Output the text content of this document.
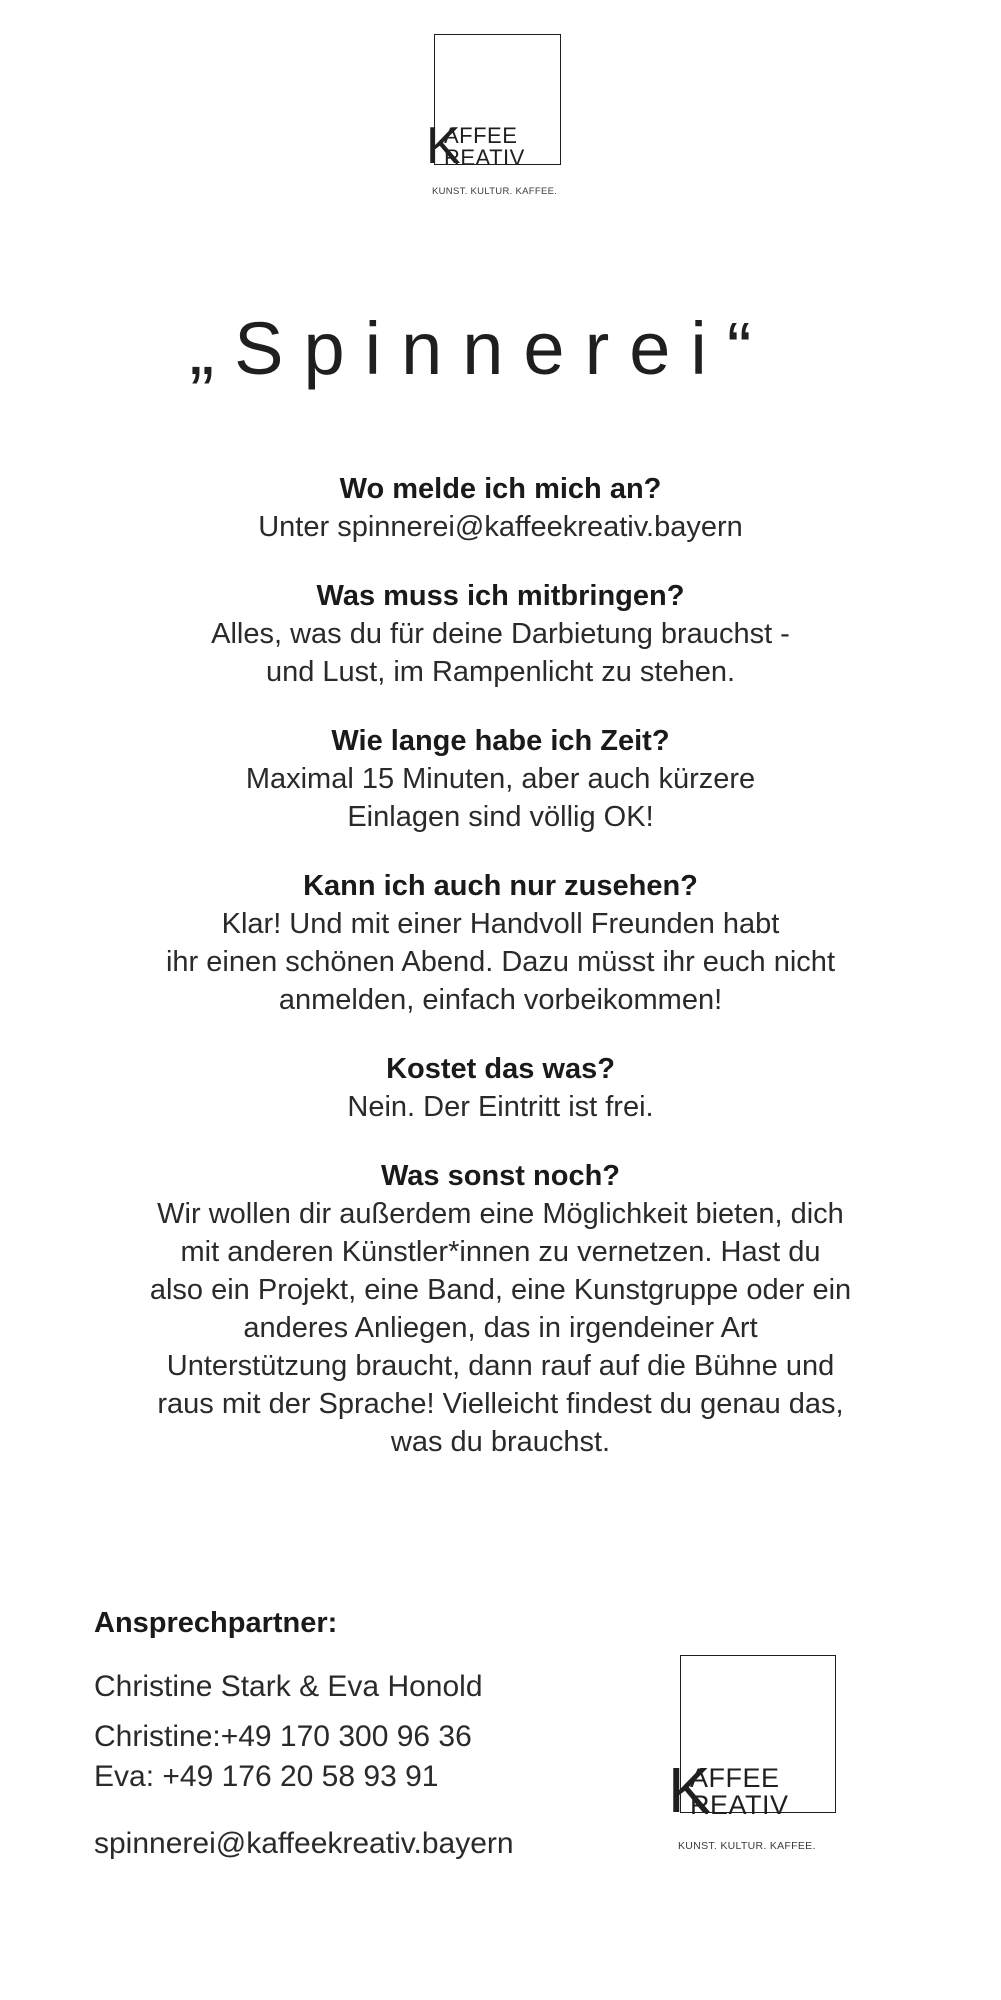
K
AFFEE
REATIV
KUNST. KULTUR. KAFFEE.
„Spinnerei“
Wo melde ich mich an?
Unter spinnerei@kaffeekreativ.bayern
Was muss ich mitbringen?
Alles, was du für deine Darbietung brauchst -
und Lust, im Rampenlicht zu stehen.
Wie lange habe ich Zeit?
Maximal 15 Minuten, aber auch kürzere
Einlagen sind völlig OK!
Kann ich auch nur zusehen?
Klar! Und mit einer Handvoll Freunden habt
ihr einen schönen Abend. Dazu müsst ihr euch nicht
anmelden, einfach vorbeikommen!
Kostet das was?
Nein. Der Eintritt ist frei.
Was sonst noch?
Wir wollen dir außerdem eine Möglichkeit bieten, dich
mit anderen Künstler*innen zu vernetzen. Hast du
also ein Projekt, eine Band, eine Kunstgruppe oder ein
anderes Anliegen, das in irgendeiner Art
Unterstützung braucht, dann rauf auf die Bühne und
raus mit der Sprache! Vielleicht findest du genau das,
was du brauchst.
Ansprechpartner:
Christine Stark & Eva Honold
Christine:+49 170 300 96 36
Eva: +49 176 20 58 93 91
spinnerei@kaffeekreativ.bayern
K
AFFEE
REATIV
KUNST. KULTUR. KAFFEE.
